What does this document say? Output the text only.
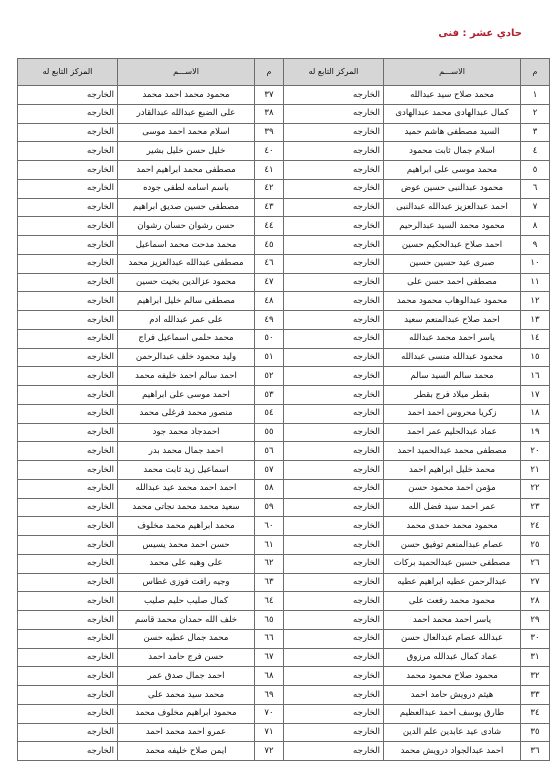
حادي عشر : فنى
م	الاســـم	المركز التابع له	م	الاســـم	المركز التابع له
١	محمد صلاح سيد عبدالله	الخارجه	٣٧	محمود محمد احمد محمد	الخارجه
٢	كمال عبدالهادى محمد عبدالهادى	الخارجه	٣٨	على الضبع عبدالله عبدالقادر	الخارجه
٣	السيد مصطفى هاشم حميد	الخارجه	٣٩	اسلام محمد احمد موسى	الخارجه
٤	اسلام جمال ثابت محمود	الخارجه	٤٠	خليل حسن خليل بشير	الخارجه
٥	محمد موسى على ابراهيم	الخارجه	٤١	مصطفى محمد ابراهيم احمد	الخارجه
٦	محمود عبدالنبى حسين عوض	الخارجه	٤٢	باسم اسامه لطفى جوده	الخارجه
٧	احمد عبدالعزيز عبدالله عبدالنبى	الخارجه	٤٣	مصطفى حسين صديق ابراهيم	الخارجه
٨	محمود محمد السيد عبدالرحيم	الخارجه	٤٤	حسن رشوان حسان رشوان	الخارجه
٩	احمد صلاح عبدالحكيم حسين	الخارجه	٤٥	محمد مدحت محمد اسماعيل	الخارجه
١٠	صبرى عيد حسين حسين	الخارجه	٤٦	مصطفى عبدالله عبدالعزيز محمد	الخارجه
١١	مصطفى احمد حسن على	الخارجه	٤٧	محمود عزالدين بخيت حسين	الخارجه
١٢	محمود عبدالوهاب محمود محمد	الخارجه	٤٨	مصطفى سالم خليل ابراهيم	الخارجه
١٣	احمد صلاح عبدالمنعم سعيد	الخارجه	٤٩	على عمر عبدالله ادم	الخارجه
١٤	ياسر احمد محمد عبدالله	الخارجه	٥٠	محمد حلمى اسماعيل فراج	الخارجه
١٥	محمود عبدالله منسى عبدالله	الخارجه	٥١	وليد محمود خلف عبدالرحمن	الخارجه
١٦	محمد سالم السيد سالم	الخارجه	٥٢	احمد سالم احمد خليفه محمد	الخارجه
١٧	بقطر ميلاد فرج بقطر	الخارجه	٥٣	احمد موسى على ابراهيم	الخارجه
١٨	زكريا محروس احمد احمد	الخارجه	٥٤	منصور محمد فرغلى محمد	الخارجه
١٩	عماد عبدالحليم عمر احمد	الخارجه	٥٥	احمدجاد محمد جود	الخارجه
٢٠	مصطفى محمد عبدالحميد احمد	الخارجه	٥٦	احمد جمال محمد بدر	الخارجه
٢١	محمد خليل ابراهيم احمد	الخارجه	٥٧	اسماعيل زيد ثابت محمد	الخارجه
٢٢	مؤمن احمد محمود حسن	الخارجه	٥٨	احمد احمد محمد عيد عبدالله	الخارجه
٢٣	عمر احمد سيد فضل الله	الخارجه	٥٩	سعيد محمد محمد نجاتى محمد	الخارجه
٢٤	محمود محمد حمدى محمد	الخارجه	٦٠	محمد ابراهيم محمد مخلوف	الخارجه
٢٥	عصام عبدالمنعم توفيق حسن	الخارجه	٦١	حسن احمد محمد يسيس	الخارجه
٢٦	مصطفى حسين عبدالحميد بركات	الخارجه	٦٢	على وهبه على محمد	الخارجه
٢٧	عبدالرحمن عطيه ابراهيم عطيه	الخارجه	٦٣	وجيه رافت فوزى غطاس	الخارجه
٢٨	محمود محمد رفعت على	الخارجه	٦٤	كمال صليب حليم صليب	الخارجه
٢٩	ياسر احمد محمد احمد	الخارجه	٦٥	خلف الله حمدان محمد قاسم	الخارجه
٣٠	عبدالله عصام عبدالعال حسن	الخارجه	٦٦	محمد جمال عطيه حسن	الخارجه
٣١	عماد كمال عبدالله مرزوق	الخارجه	٦٧	حسن فرج حامد احمد	الخارجه
٣٢	محمود صلاح محمود محمد	الخارجه	٦٨	احمد جمال صدق عمر	الخارجه
٣٣	هيثم درويش حامد احمد	الخارجه	٦٩	محمد سيد محمد على	الخارجه
٣٤	طارق يوسف احمد عبدالعظيم	الخارجه	٧٠	محمود ابراهيم مخلوف محمد	الخارجه
٣٥	شادى عيد عابدين علم الدين	الخارجه	٧١	عمرو احمد محمد احمد	الخارجه
٣٦	احمد عبدالجواد درويش محمد	الخارجه	٧٢	ايمن صلاح خليفه محمد	الخارجه
